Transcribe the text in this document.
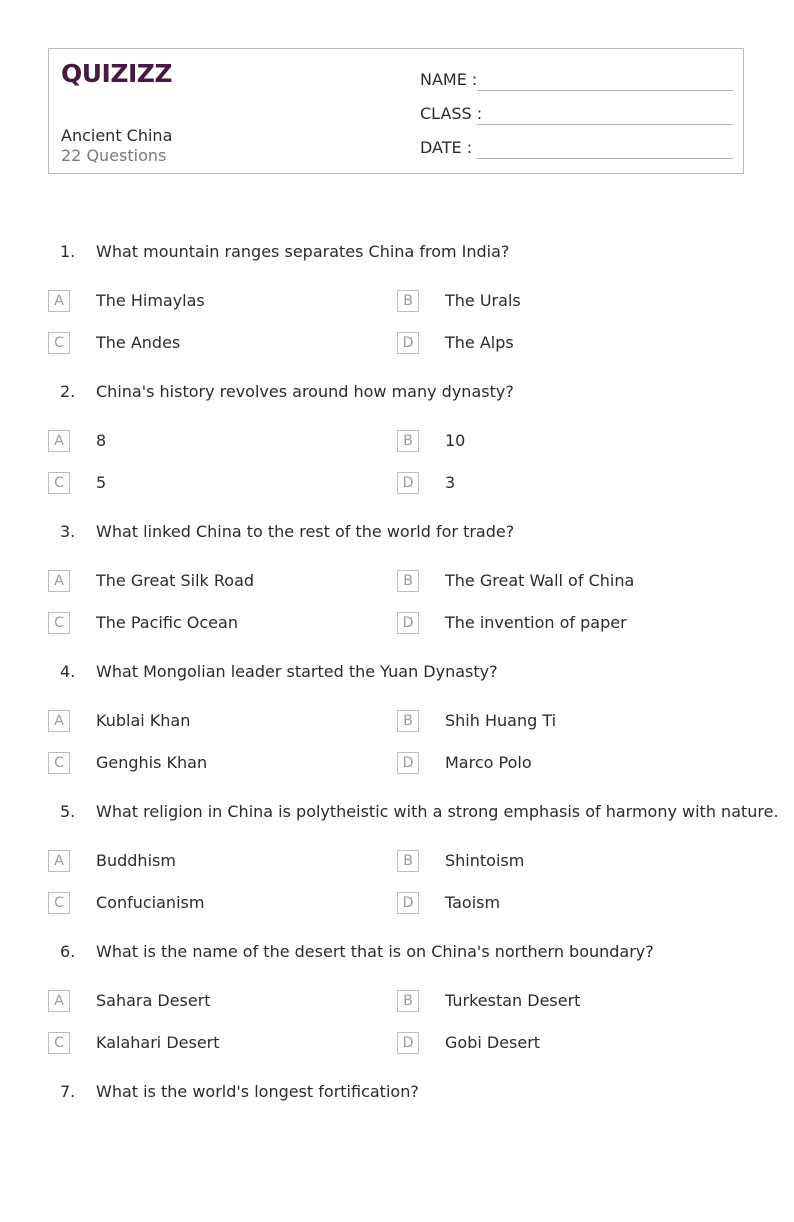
QUIZIZZ
Ancient China
22 Questions
NAME :
CLASS :
DATE :
1. What mountain ranges separates China from India?
A	The Himaylas	B	The Urals
C	The Andes	D	The Alps
2. China's history revolves around how many dynasty?
A	8	B	10
C	5	D	3
3. What linked China to the rest of the world for trade?
A	The Great Silk Road	B	The Great Wall of China
C	The Pacific Ocean	D	The invention of paper
4. What Mongolian leader started the Yuan Dynasty?
A	Kublai Khan	B	Shih Huang Ti
C	Genghis Khan	D	Marco Polo
5. What religion in China is polytheistic with a strong emphasis of harmony with nature.
A	Buddhism	B	Shintoism
C	Confucianism	D	Taoism
6. What is the name of the desert that is on China's northern boundary?
A	Sahara Desert	B	Turkestan Desert
C	Kalahari Desert	D	Gobi Desert
7. What is the world's longest fortification?
